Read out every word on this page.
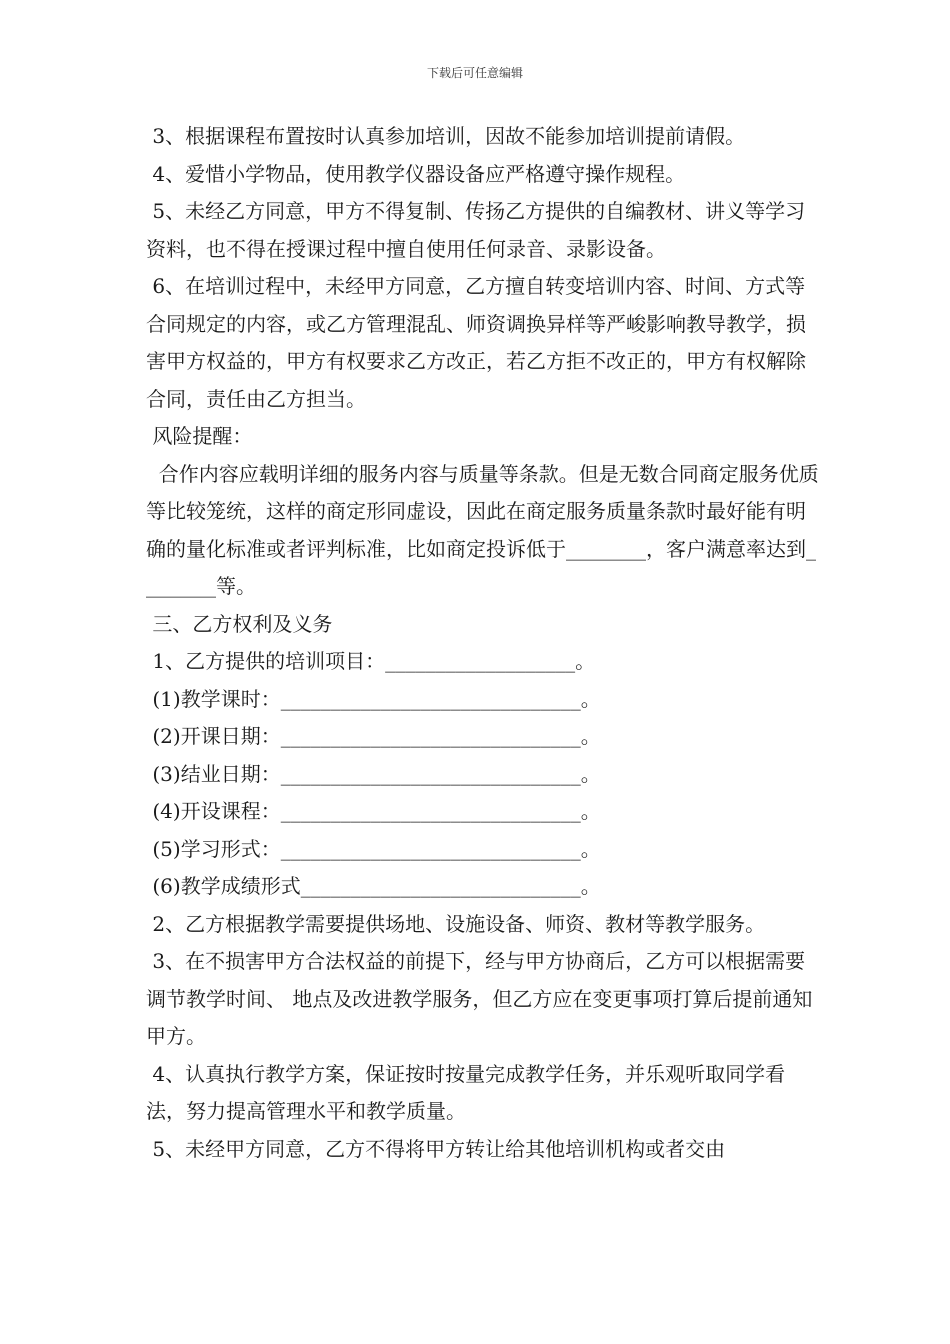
下载后可任意编辑

3、根据课程布置按时认真参加培训，因故不能参加培训提前请假。

4、爱惜小学物品，使用教学仪器设备应严格遵守操作规程。

5、未经乙方同意，甲方不得复制、传扬乙方提供的自编教材、讲义等学习资料，也不得在授课过程中擅自使用任何录音、录影设备。

6、在培训过程中，未经甲方同意，乙方擅自转变培训内容、时间、方式等合同规定的内容，或乙方管理混乱、师资调换异样等严峻影响教导教学，损害甲方权益的，甲方有权要求乙方改正，若乙方拒不改正的，甲方有权解除合同，责任由乙方担当。

风险提醒：

合作内容应载明详细的服务内容与质量等条款。但是无数合同商定服务优质等比较笼统，这样的商定形同虚设，因此在商定服务质量条款时最好能有明确的量化标准或者评判标准，比如商定投诉低于________，客户满意率达到________等。

三、乙方权利及义务

1、乙方提供的培训项目：___________________。

(1)教学课时：______________________________。

(2)开课日期：______________________________。

(3)结业日期：______________________________。

(4)开设课程：______________________________。

(5)学习形式：______________________________。

(6)教学成绩形式____________________________。

2、乙方根据教学需要提供场地、设施设备、师资、教材等教学服务。

3、在不损害甲方合法权益的前提下，经与甲方协商后，乙方可以根据需要调节教学时间、 地点及改进教学服务，但乙方应在变更事项打算后提前通知甲方。

4、认真执行教学方案，保证按时按量完成教学任务，并乐观听取同学看法，努力提高管理水平和教学质量。

5、未经甲方同意，乙方不得将甲方转让给其他培训机构或者交由
